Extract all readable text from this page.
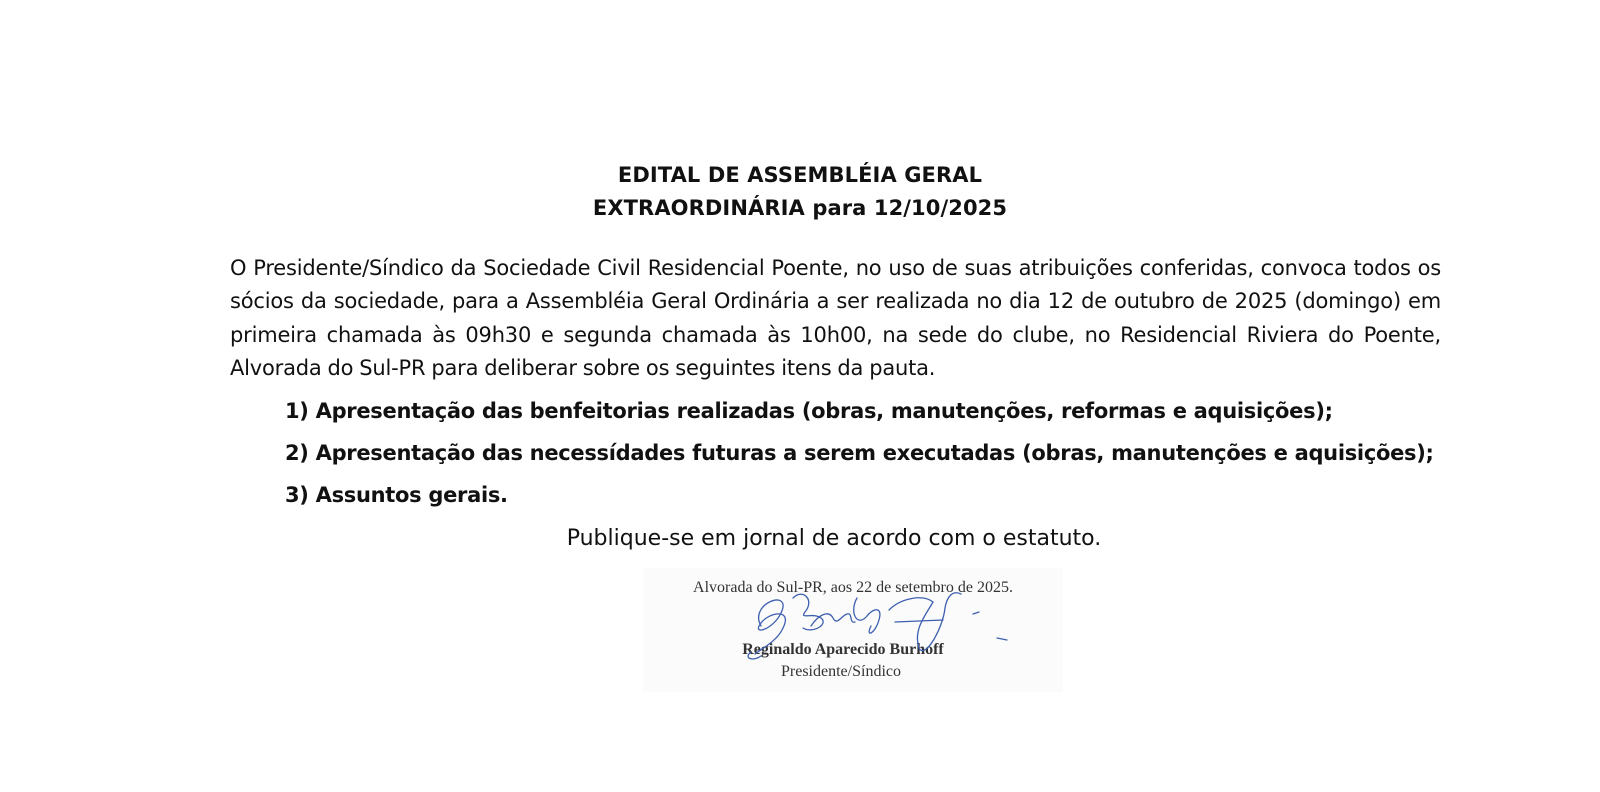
EDITAL DE ASSEMBLÉIA GERAL
EXTRAORDINÁRIA para 12/10/2025
O Presidente/Síndico da Sociedade Civil Residencial Poente, no uso de suas atribuições conferidas, convoca todos os sócios da sociedade, para a Assembléia Geral Ordinária a ser realizada no dia 12 de outubro de 2025 (domingo) em primeira chamada às 09h30 e segunda chamada às 10h00, na sede do clube, no Residencial Riviera do Poente, Alvorada do Sul-PR para deliberar sobre os seguintes itens da pauta.
1) Apresentação das benfeitorias realizadas (obras, manutenções, reformas e aquisições);
2) Apresentação das necessídades futuras a serem executadas (obras, manutenções e aquisições);
3) Assuntos gerais.
Publique-se em jornal de acordo com o estatuto.
Alvorada do Sul-PR, aos 22 de setembro de 2025.
Reginaldo Aparecido Burhoff
Presidente/Síndico
